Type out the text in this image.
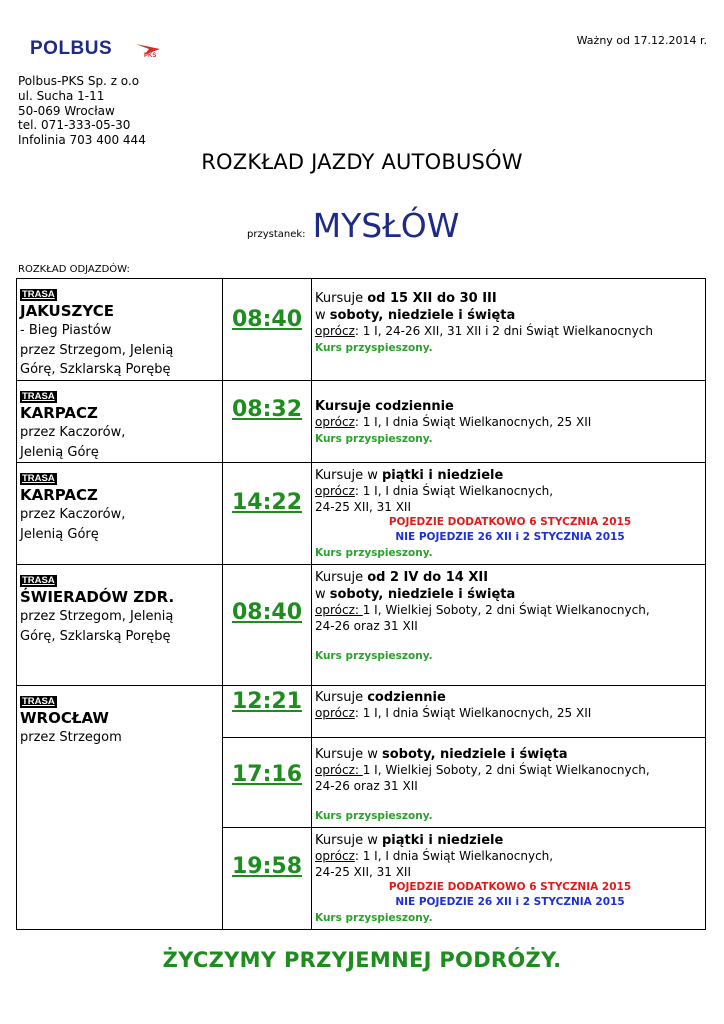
POLBUS	PKS
Ważny od 17.12.2014 r.
Polbus-PKS Sp. z o.o
ul. Sucha 1-11
50-069 Wrocław
tel. 071-333-05-30
Infolinia 703 400 444
ROZKŁAD JAZDY AUTOBUSÓW
przystanek: MYSŁÓW
ROZKŁAD ODJAZDÓW:
TRASA
JAKUSZYCE
- Bieg Piastów
przez Strzegom, Jelenią
Górę, Szklarską Porębę
08:40
Kursuje od 15 XII do 30 III
w soboty, niedziele i święta
oprócz: 1 I, 24-26 XII, 31 XII i 2 dni Świąt Wielkanocnych
Kurs przyspieszony.
TRASA
KARPACZ
przez Kaczorów,
Jelenią Górę
08:32 Kursuje codziennie
oprócz: 1 I, I dnia Świąt Wielkanocnych, 25 XII
Kurs przyspieszony.
TRASA
KARPACZ
przez Kaczorów,
Jelenią Górę
14:22
Kursuje w piątki i niedziele
oprócz: 1 I, I dnia Świąt Wielkanocnych,
24-25 XII, 31 XII
POJEDZIE DODATKOWO 6 STYCZNIA 2015
NIE POJEDZIE 26 XII i 2 STYCZNIA 2015
Kurs przyspieszony.
TRASA
ŚWIERADÓW ZDR.
przez Strzegom, Jelenią
Górę, Szklarską Porębę
08:40
Kursuje od 2 IV do 14 XII
w soboty, niedziele i święta
oprócz: 1 I, Wielkiej Soboty, 2 dni Świąt Wielkanocnych,
24-26 oraz 31 XII
Kurs przyspieszony.
TRASA
WROCŁAW
przez Strzegom
12:21 Kursuje codziennie
oprócz: 1 I, I dnia Świąt Wielkanocnych, 25 XII
17:16
Kursuje w soboty, niedziele i święta
oprócz: 1 I, Wielkiej Soboty, 2 dni Świąt Wielkanocnych,
24-26 oraz 31 XII
Kurs przyspieszony.
19:58
Kursuje w piątki i niedziele
oprócz: 1 I, I dnia Świąt Wielkanocnych,
24-25 XII, 31 XII
POJEDZIE DODATKOWO 6 STYCZNIA 2015
NIE POJEDZIE 26 XII i 2 STYCZNIA 2015
Kurs przyspieszony.
ŻYCZYMY PRZYJEMNEJ PODRÓŻY.
